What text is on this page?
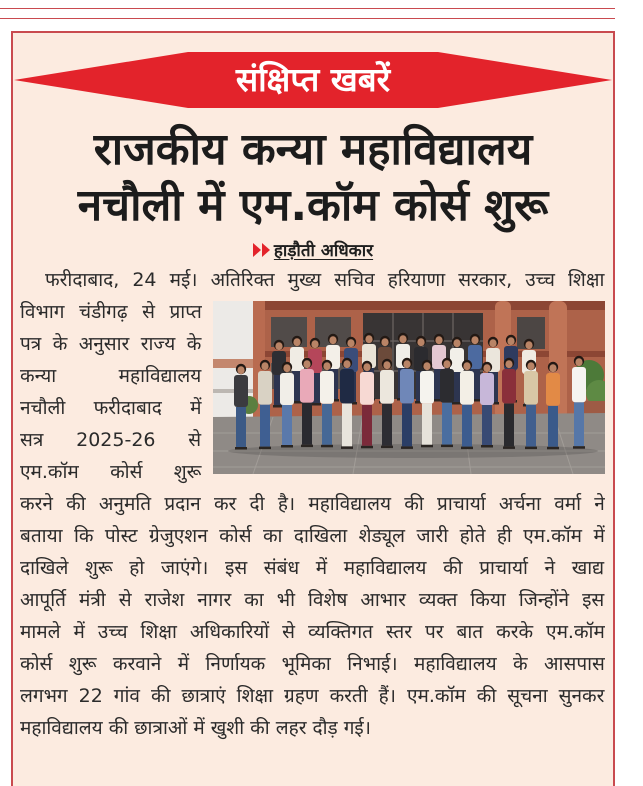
संक्षिप्त खबरें
राजकीय कन्या महाविद्यालय
नचौली में एम.कॉम कोर्स शुरू
हाड़ौती अधिकार
फरीदाबाद, 24 मई। अतिरिक्त मुख्य सचिव हरियाणा सरकार, उच्च शिक्षा
विभाग चंडीगढ़ से प्राप्त
पत्र के अनुसार राज्य के
कन्या महाविद्यालय
नचौली फरीदाबाद में
सत्र 2025-26 से
एम.कॉम कोर्स शुरू
करने की अनुमति प्रदान कर दी है। महाविद्यालय की प्राचार्या अर्चना वर्मा ने
बताया कि पोस्ट ग्रेजुएशन कोर्स का दाखिला शेड्यूल जारी होते ही एम.कॉम में
दाखिले शुरू हो जाएंगे। इस संबंध में महाविद्यालय की प्राचार्या ने खाद्य
आपूर्ति मंत्री से राजेश नागर का भी विशेष आभार व्यक्त किया जिन्होंने इस
मामले में उच्च शिक्षा अधिकारियों से व्यक्तिगत स्तर पर बात करके एम.कॉम
कोर्स शुरू करवाने में निर्णायक भूमिका निभाई। महाविद्यालय के आसपास
लगभग 22 गांव की छात्राएं शिक्षा ग्रहण करती हैं। एम.कॉम की सूचना सुनकर
महाविद्यालय की छात्राओं में खुशी की लहर दौड़ गई।
